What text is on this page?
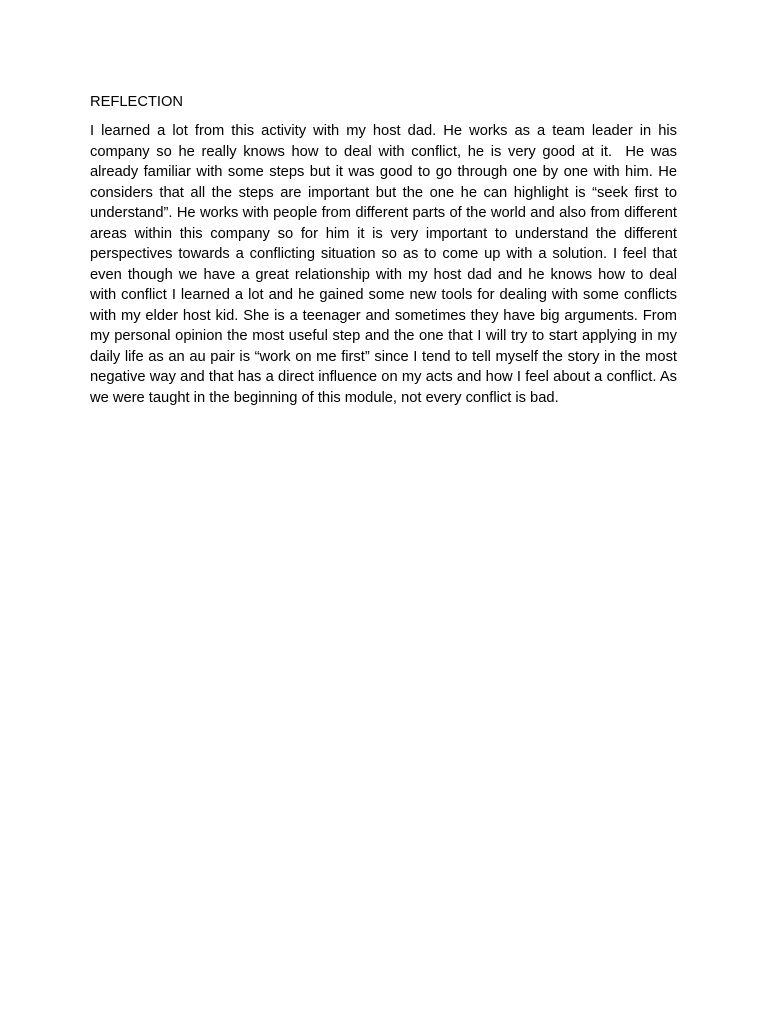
REFLECTION

I learned a lot from this activity with my host dad. He works as a team leader in his company so he really knows how to deal with conflict, he is very good at it.  He was already familiar with some steps but it was good to go through one by one with him. He considers that all the steps are important but the one he can highlight is “seek first to understand”. He works with people from different parts of the world and also from different areas within this company so for him it is very important to understand the different perspectives towards a conflicting situation so as to come up with a solution. I feel that even though we have a great relationship with my host dad and he knows how to deal with conflict I learned a lot and he gained some new tools for dealing with some conflicts with my elder host kid. She is a teenager and sometimes they have big arguments. From my personal opinion the most useful step and the one that I will try to start applying in my daily life as an au pair is “work on me first” since I tend to tell myself the story in the most negative way and that has a direct influence on my acts and how I feel about a conflict. As we were taught in the beginning of this module, not every conflict is bad.
